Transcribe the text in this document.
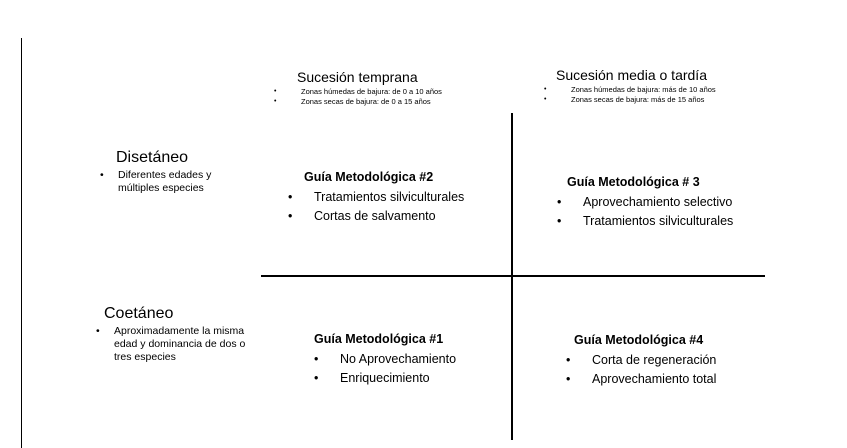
Sucesión temprana
• Zonas húmedas de bajura: de 0 a 10 años
• Zonas secas de bajura: de 0 a 15 años
Sucesión media o tardía
• Zonas húmedas de bajura: más de 10 años
• Zonas secas de bajura: más de 15 años
Disetáneo
• Diferentes edades y múltiples especies
Coetáneo
• Aproximadamente la misma edad y dominancia de dos o tres especies
Guía Metodológica #2
• Tratamientos silviculturales
• Cortas de salvamento
Guía Metodológica # 3
• Aprovechamiento selectivo
• Tratamientos silviculturales
Guía Metodológica #1
• No Aprovechamiento
• Enriquecimiento
Guía Metodológica #4
• Corta de regeneración
• Aprovechamiento total
